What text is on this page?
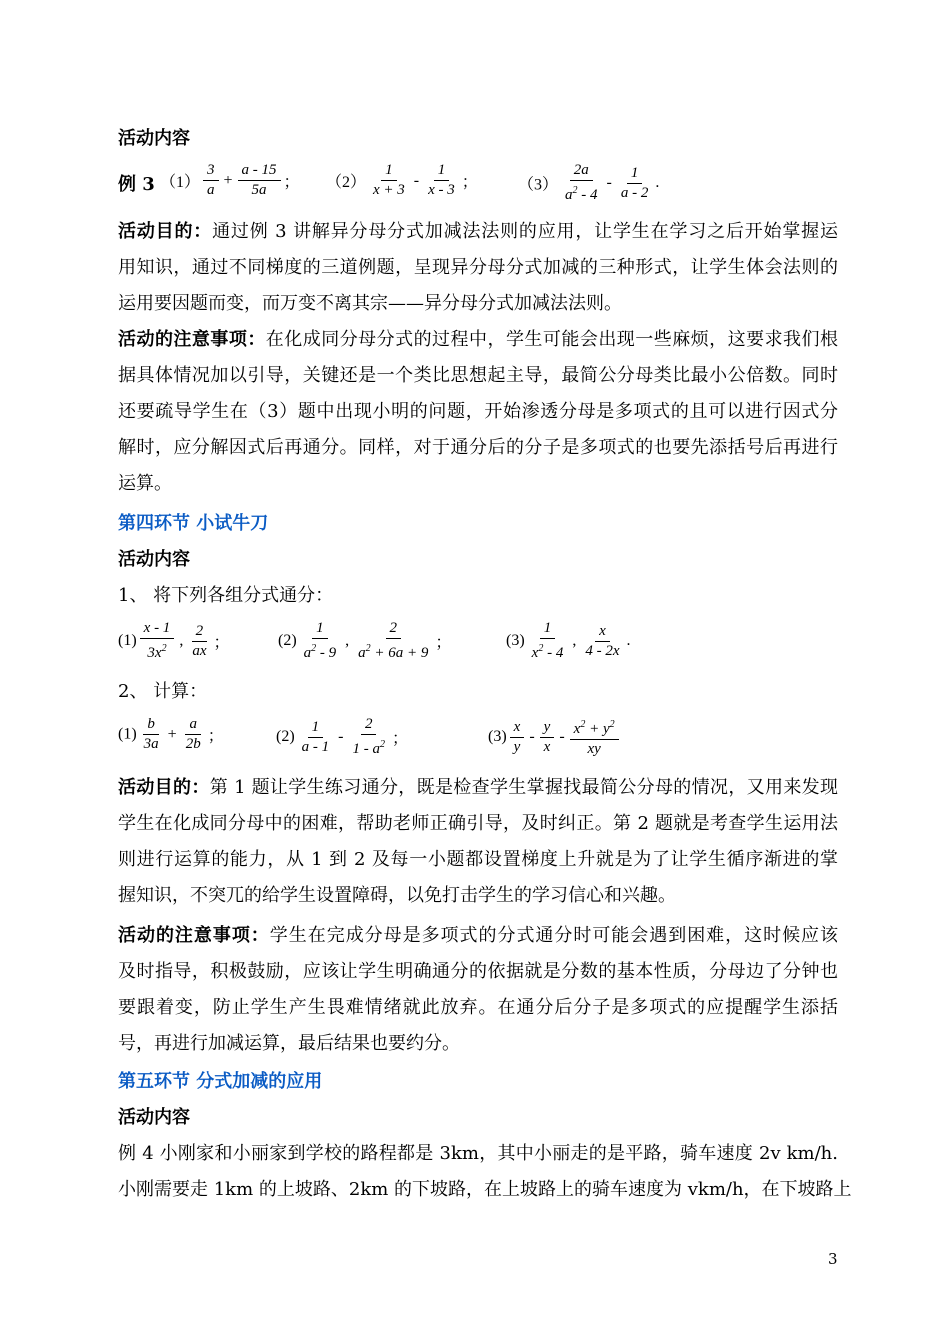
活动内容
例 3 $(1) \frac{3}{a} + \frac{a - 15}{5a}$ ； $(2) \frac{1}{x + 3} - \frac{1}{x - 3}$ ；	$(3) \frac{2a}{a^2 - 4} - \frac{1}{a - 2}$ .
活动目的：通过例 3 讲解异分母分式加减法法则的应用，让学生在学习之后开始掌握运
用知识，通过不同梯度的三道例题，呈现异分母分式加减的三种形式，让学生体会法则的
运用要因题而变，而万变不离其宗——异分母分式加减法法则。
活动的注意事项：在化成同分母分式的过程中，学生可能会出现一些麻烦，这要求我们根
据具体情况加以引导，关键还是一个类比思想起主导，最简公分母类比最小公倍数。同时
还要疏导学生在（3）题中出现小明的问题，开始渗透分母是多项式的且可以进行因式分
解时，应分解因式后再通分。同样，对于通分后的分子是多项式的也要先添括号后再进行
运算。
第四环节 小试牛刀
活动内容
1、 将下列各组分式通分：
$(1) \frac{x - 1}{3x^2}$ , $\frac{2}{ax}$ ；	$(2) \frac{1}{a^2 - 9}$ , $\frac{2}{a^2 + 6a + 9}$ ；	$(3) \frac{1}{x^2 - 4}$ , $\frac{x}{4 - 2x}$ .
2、 计算：
$(1) \frac{b}{3a} + \frac{a}{2b}$ ；	$(2) \frac{1}{a - 1} - \frac{2}{1 - a^2}$ ；	$(3) \frac{x}{y} - \frac{y}{x} - \frac{x^2 + y^2}{xy}$
活动目的：第 1 题让学生练习通分，既是检查学生掌握找最简公分母的情况，又用来发现
学生在化成同分母中的困难，帮助老师正确引导，及时纠正。第 2 题就是考查学生运用法
则进行运算的能力，从 1 到 2 及每一小题都设置梯度上升就是为了让学生循序渐进的掌
握知识，不突兀的给学生设置障碍，以免打击学生的学习信心和兴趣。
活动的注意事项：学生在完成分母是多项式的分式通分时可能会遇到困难，这时候应该
及时指导，积极鼓励，应该让学生明确通分的依据就是分数的基本性质，分母边了分钟也
要跟着变，防止学生产生畏难情绪就此放弃。在通分后分子是多项式的应提醒学生添括
号，再进行加减运算，最后结果也要约分。
第五环节 分式加减的应用
活动内容
例 4 小刚家和小丽家到学校的路程都是 3km，其中小丽走的是平路，骑车速度 2v km/h.
小刚需要走 1km 的上坡路、2km 的下坡路，在上坡路上的骑车速度为 vkm/h，在下坡路上
3
